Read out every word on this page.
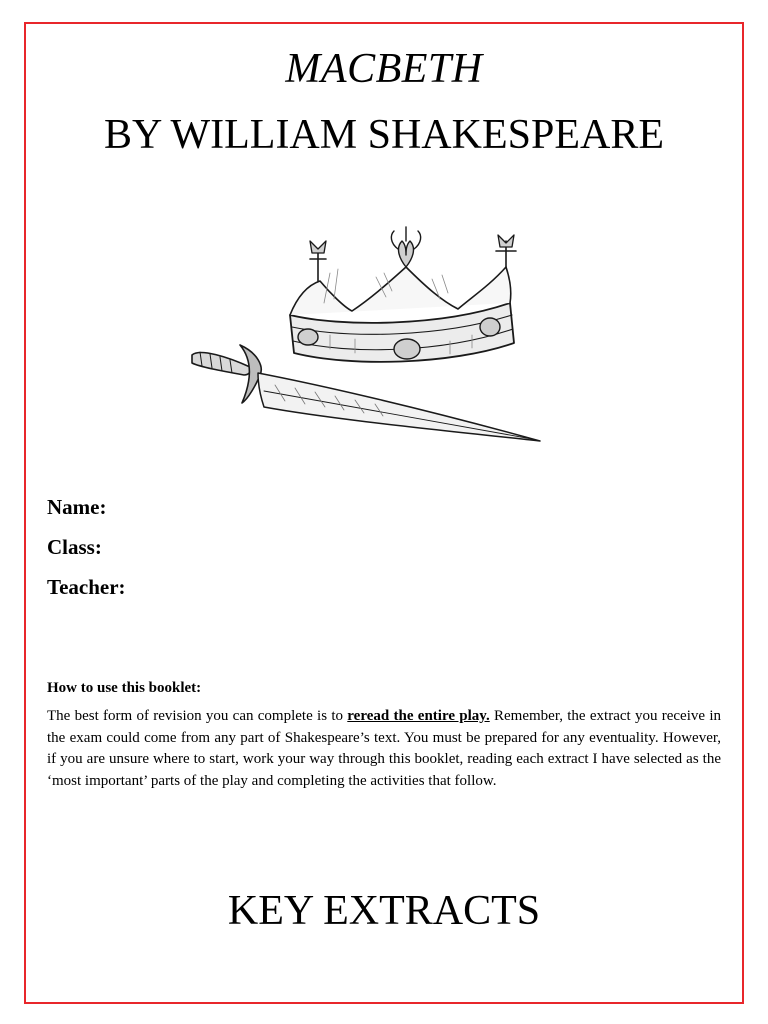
MACBETH
BY WILLIAM SHAKESPEARE
Name:
Class:
Teacher:
How to use this booklet:
The best form of revision you can complete is to reread the entire play. Remember, the extract you receive in the exam could come from any part of Shakespeare’s text. You must be prepared for any eventuality. However, if you are unsure where to start, work your way through this booklet, reading each extract I have selected as the ‘most important’ parts of the play and completing the activities that follow.
KEY EXTRACTS
